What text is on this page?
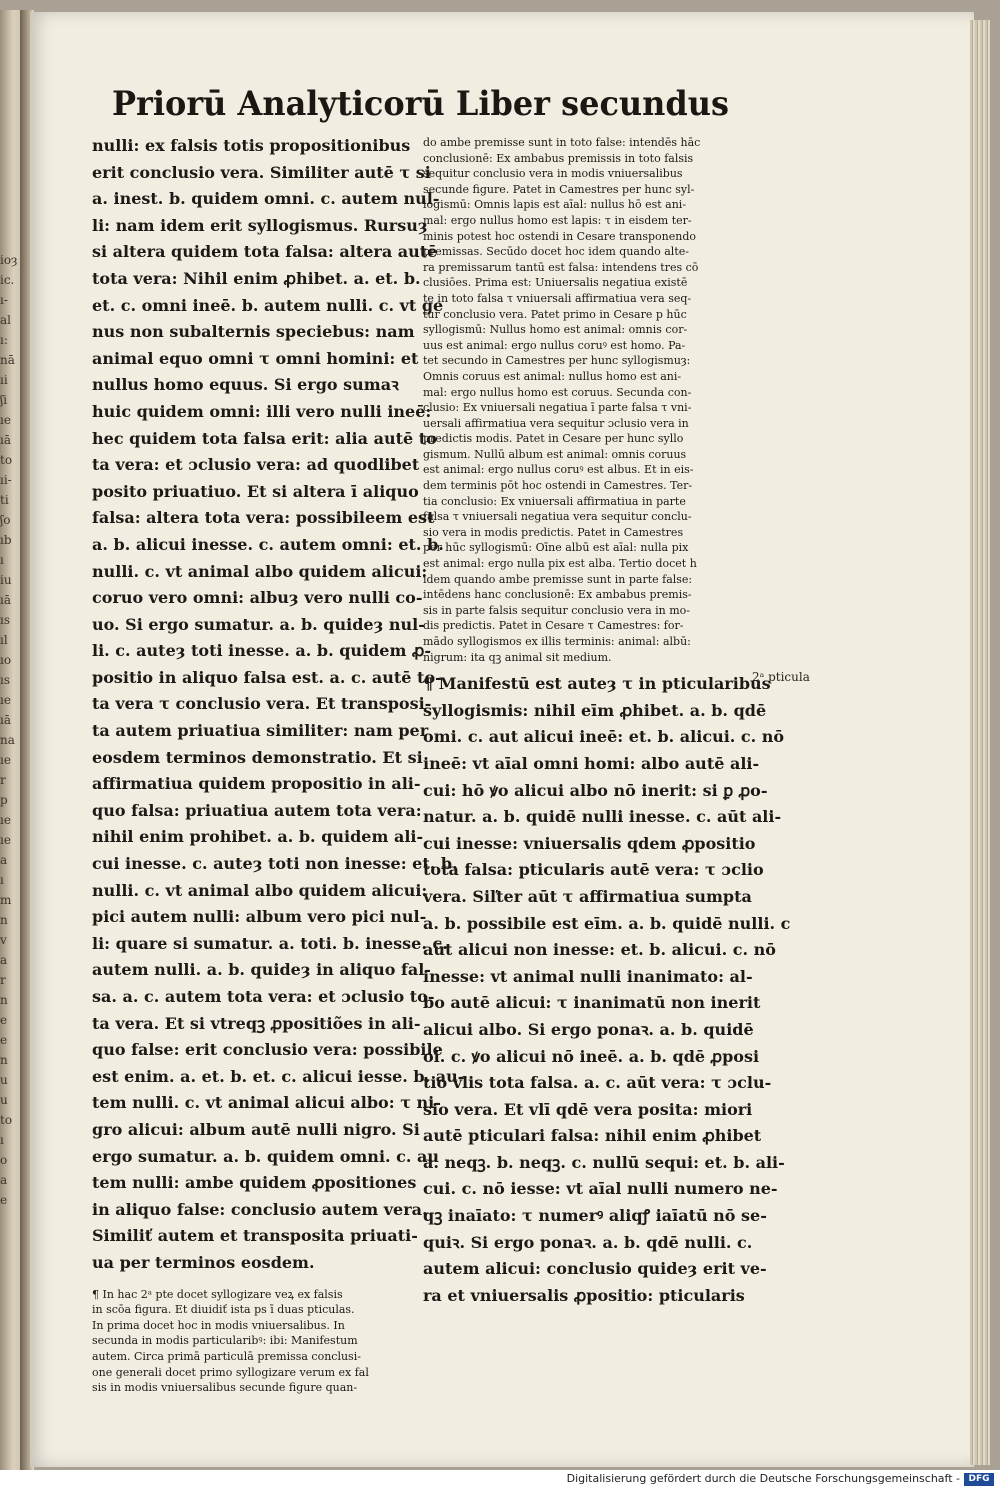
ioȝ
ic.
ı-
al
ı:
nā
ıi
ʃi
ıe
ıā
to
ıi-
ti
ʃo
ıb
ı
iu
ıā
ıs
ıl
ıo
ıs
ıe
ıā
na
ıe
r
p
ıe
ıe
a
ı
m
n
v
a
r
n
e
e
n
u
u
to
ı
o
a
e
Priorū Analyticorū Liber secundus
nulli: ex falsis totis propositionibus
erit conclusio vera. Similiter autē τ si
a. inest. b. quidem omni. c. autem nul-
li: nam idem erit syllogismus. Rursuȝ
si altera quidem tota falsa: altera autē
tota vera: Nihil enim ꝓhibet. a. et. b.
et. c. omni ineē. b. autem nulli. c. vt ge
nus non subalternis speciebus: nam
animal equo omni τ omni homini: et
nullus homo equus. Si ergo sumaꝛ
huic quidem omni: illi vero nulli ineē:
hec quidem tota falsa erit: alia autē to
ta vera: et ɔclusio vera: ad quodlibet
posito priuatiuo. Et si altera ī aliquo
falsa: altera tota vera: possibileem est
a. b. alicui inesse. c. autem omni: et. b.
nulli. c. vt animal albo quidem alicui:
coruo vero omni: albuȝ vero nulli co-
uo. Si ergo sumatur. a. b. quideȝ nul-
li. c. auteȝ toti inesse. a. b. quidem ꝓ-
positio in aliquo falsa est. a. c. autē to-
ta vera τ conclusio vera. Et transposi-
ta autem priuatiua similiter: nam per
eosdem terminos demonstratio. Et si
affirmatiua quidem propositio in ali-
quo falsa: priuatiua autem tota vera:
nihil enim prohibet. a. b. quidem ali-
cui inesse. c. auteȝ toti non inesse: et. b.
nulli. c. vt animal albo quidem alicui:
pici autem nulli: album vero pici nul-
li: quare si sumatur. a. toti. b. inesse. c.
autem nulli. a. b. quideȝ in aliquo fal-
sa. a. c. autem tota vera: et ɔclusio to-
ta vera. Et si vtreqꝫ ꝓpositiões in ali-
quo false: erit conclusio vera: possibile
est enim. a. et. b. et. c. alicui iesse. b. au-
tem nulli. c. vt animal alicui albo: τ ni-
gro alicui: album autē nulli nigro. Si
ergo sumatur. a. b. quidem omni. c. au
tem nulli: ambe quidem ꝓpositiones
in aliquo false: conclusio autem vera.
Similiť autem et transposita priuati-
ua per terminos eosdem.
¶ In hac 2ᵃ pte docet syllogizare veꝝ ex falsis
in scōa figura. Et diuidiť ista ps ī duas pticulas.
In prima docet hoc in modis vniuersalibus. In
secunda in modis particularibꝰ: ibi: Manifestum
autem. Circa primā particulā premissa conclusi-
one generali docet primo syllogizare verum ex fal
sis in modis vniuersalibus secunde figure quan-
do ambe premisse sunt in toto false: intendēs hāc
conclusionē: Ex ambabus premissis in toto falsis
sequitur conclusio vera in modis vniuersalibus
secunde figure. Patet in Camestres per hunc syl-
logismū: Omnis lapis est aīal: nullus hō est ani-
mal: ergo nullus homo est lapis: τ in eisdem ter-
minis potest hoc ostendi in Cesare transponendo
premissas. Secūdo docet hoc idem quando alte-
ra premissarum tantū est falsa: intendens tres cō
clusiōes. Prima est: Uniuersalis negatiua existē
te in toto falsa τ vniuersali affirmatiua vera seq-
tur conclusio vera. Patet primo in Cesare p hūc
syllogismū: Nullus homo est animal: omnis cor-
uus est animal: ergo nullus coruꝰ est homo. Pa-
tet secundo in Camestres per hunc syllogismuȝ:
Omnis coruus est animal: nullus homo est ani-
mal: ergo nullus homo est coruus. Secunda con-
clusio: Ex vniuersali negatiua ī parte falsa τ vni-
uersali affirmatiua vera sequitur ɔclusio vera in
predictis modis. Patet in Cesare per hunc syllo
gismum. Nullū album est animal: omnis coruus
est animal: ergo nullus coruꝰ est albus. Et in eis-
dem terminis pōt hoc ostendi in Camestres. Ter-
tia conclusio: Ex vniuersali affirmatiua in parte
falsa τ vniuersali negatiua vera sequitur conclu-
sio vera in modis predictis. Patet in Camestres
per hūc syllogismū: Oīne albū est aīal: nulla pix
est animal: ergo nulla pix est alba. Tertio docet h
idem quando ambe premisse sunt in parte false:
intēdens hanc conclusionē: Ex ambabus premis-
sis in parte falsis sequitur conclusio vera in mo-
dis predictis. Patet in Cesare τ Camestres: for-
mādo syllogismos ex illis terminis: animal: albū:
nigrum: ita qꝫ animal sit medium.
¶ Manifestū est auteȝ τ in pticularibus
syllogismis: nihil eīm ꝓhibet. a. b. qdē
omi. c. aut alicui ineē: et. b. alicui. c. nō
ineē: vt aīal omni homi: albo autē ali-
cui: hō ꝟo alicui albo nō inerit: si ꝑ ꝓo-
natur. a. b. quidē nulli inesse. c. aūt ali-
cui inesse: vniuersalis qdem ꝓpositio
tota falsa: pticularis autē vera: τ ɔclio
vera. Siľter aūt τ affirmatiua sumpta
a. b. possibile est eīm. a. b. quidē nulli. c
aūt alicui non inesse: et. b. alicui. c. nō
inesse: vt animal nulli inanimato: al-
bo autē alicui: τ inanimatū non inerit
alicui albo. Si ergo ponaꝛ. a. b. quidē
oi. c. ꝟo alicui nō ineē. a. b. qdē ꝓposi
tio vlis tota falsa. a. c. aūt vera: τ ɔclu-
sio vera. Et vlī qdē vera posita: miori
autē pticulari falsa: nihil enim ꝓhibet
a. neqꝫ. b. neqꝫ. c. nullū sequi: et. b. ali-
cui. c. nō iesse: vt aīal nulli numero ne-
qꝫ inaīato: τ numerꝰ aliqꝭ iaīatū nō se-
quiꝛ. Si ergo ponaꝛ. a. b. qdē nulli. c.
autem alicui: conclusio quideȝ erit ve-
ra et vniuersalis ꝓpositio: pticularis
2ᵃ pticula
Digitalisierung gefördert durch die Deutsche Forschungsgemeinschaft - DFG
